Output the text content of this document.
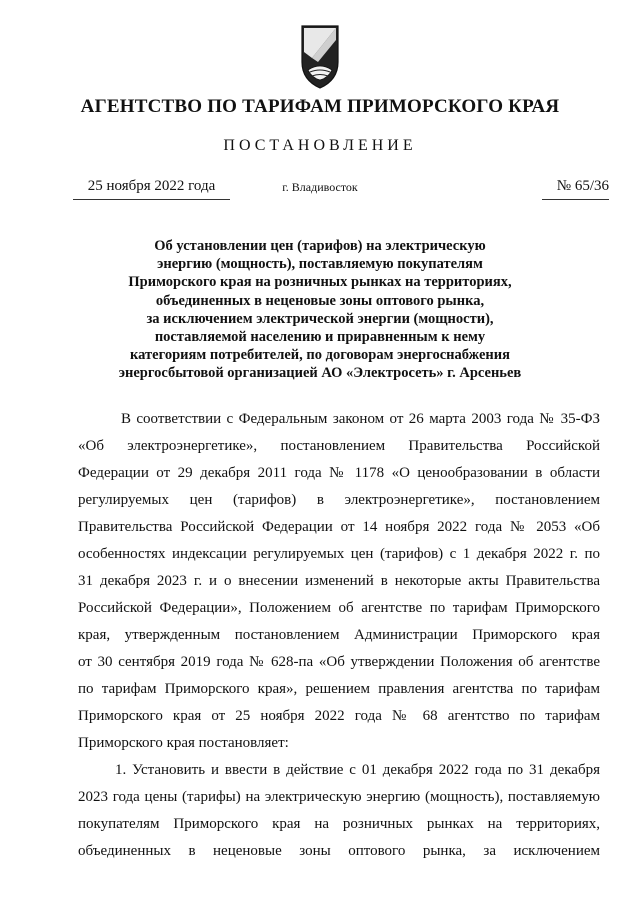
АГЕНТСТВО ПО ТАРИФАМ ПРИМОРСКОГО КРАЯ
ПОСТАНОВЛЕНИЕ
25 ноября 2022 года	г. Владивосток	№ 65/36
Об установлении цен (тарифов) на электрическую
энергию (мощность), поставляемую покупателям
Приморского края на розничных рынках на территориях,
объединенных в неценовые зоны оптового рынка,
за исключением электрической энергии (мощности),
поставляемой населению и приравненным к нему
категориям потребителей, по договорам энергоснабжения
энергосбытовой организацией АО «Электросеть» г. Арсеньев
В соответствии с Федеральным законом от 26 марта 2003 года № 35-ФЗ
«Об электроэнергетике», постановлением Правительства Российской
Федерации от 29 декабря 2011 года № 1178 «О ценообразовании в области
регулируемых цен (тарифов) в электроэнергетике», постановлением
Правительства Российской Федерации от 14 ноября 2022 года № 2053 «Об
особенностях индексации регулируемых цен (тарифов) с 1 декабря 2022 г. по
31 декабря 2023 г. и о внесении изменений в некоторые акты Правительства
Российской Федерации», Положением об агентстве по тарифам Приморского
края, утвержденным постановлением Администрации Приморского края
от 30 сентября 2019 года № 628-па «Об утверждении Положения об агентстве
по тарифам Приморского края», решением правления агентства по тарифам
Приморского края от 25 ноября 2022 года № 68 агентство по тарифам
Приморского края постановляет:
1. Установить и ввести в действие с 01 декабря 2022 года по 31 декабря
2023 года цены (тарифы) на электрическую энергию (мощность), поставляемую
покупателям Приморского края на розничных рынках на территориях,
объединенных в неценовые зоны оптового рынка, за исключением
